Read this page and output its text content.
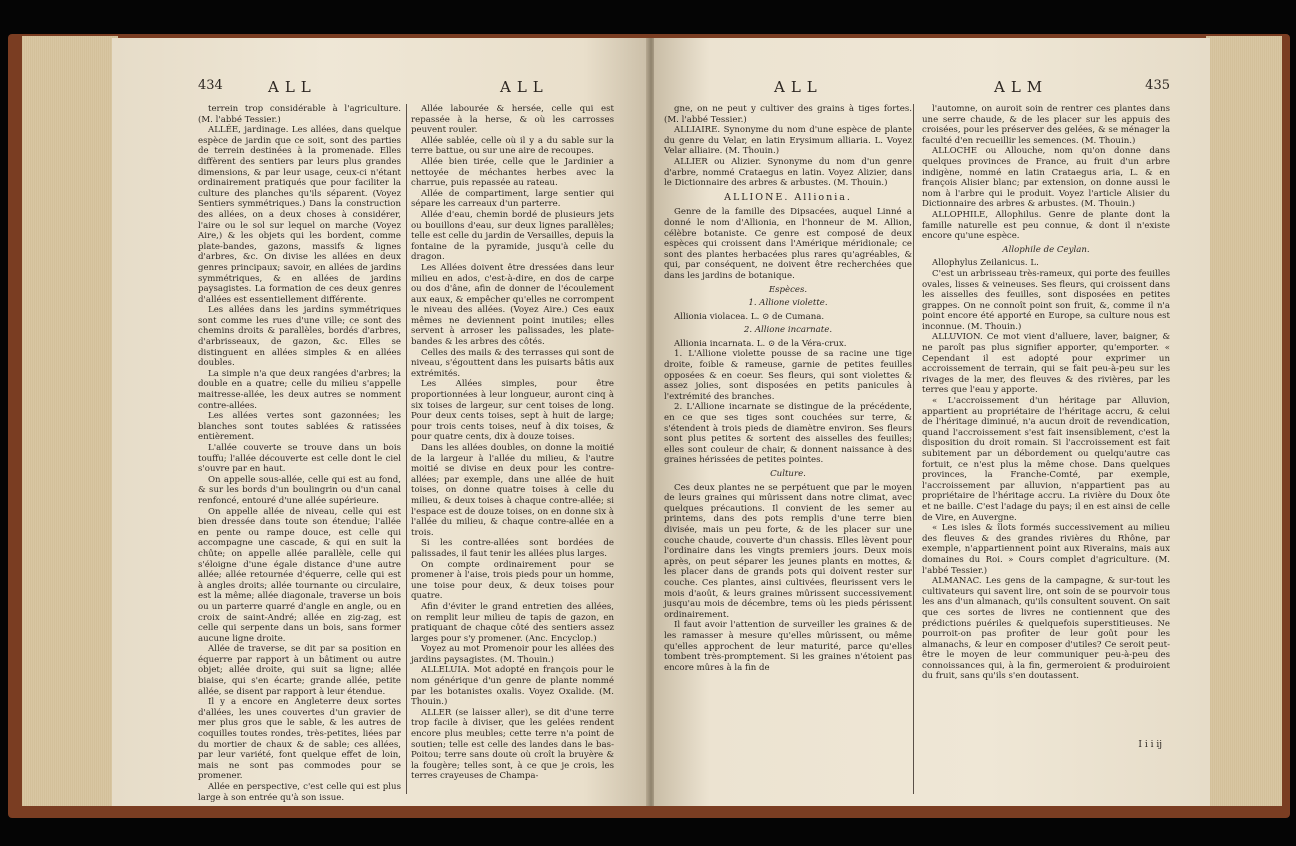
434	ALL	ALL

terrein trop considérable à l'agriculture. (M. l'abbé Tessier.)

ALLÉE, jardinage. Les allées, dans quelque espèce de jardin que ce soit, sont des parties de terrein destinées à la promenade. Elles diffèrent des sentiers par leurs plus grandes dimensions, & par leur usage, ceux-ci n'étant ordinairement pratiqués que pour faciliter la culture des planches qu'ils séparent. (Voyez Sentiers symmétriques.) Dans la construction des allées, on a deux choses à considérer, l'aire ou le sol sur lequel on marche (Voyez Aire,) & les objets qui les bordent, comme plate-bandes, gazons, massifs & lignes d'arbres, &c. On divise les allées en deux genres principaux; savoir, en allées de jardins symmétriques, & en allées de jardins paysagistes. La formation de ces deux genres d'allées est essentiellement différente.

Les allées dans les jardins symmétriques sont comme les rues d'une ville; ce sont des chemins droits & parallèles, bordés d'arbres, d'arbrisseaux, de gazon, &c. Elles se distinguent en allées simples & en allées doubles.

La simple n'a que deux rangées d'arbres; la double en a quatre; celle du milieu s'appelle maitresse-allée, les deux autres se nomment contre-allées.

Les allées vertes sont gazonnées; les blanches sont toutes sablées & ratissées entièrement.

L'allée couverte se trouve dans un bois touffu; l'allée découverte est celle dont le ciel s'ouvre par en haut.

On appelle sous-allée, celle qui est au fond, & sur les bords d'un boulingrin ou d'un canal renfoncé, entouré d'une allée supérieure.

On appelle allée de niveau, celle qui est bien dressée dans toute son étendue; l'allée en pente ou rampe douce, est celle qui accompagne une cascade, & qui en suit la chûte; on appelle allée parallèle, celle qui s'éloigne d'une égale distance d'une autre allée; allée retournée d'équerre, celle qui est à angles droits; allée tournante ou circulaire, est la même; allée diagonale, traverse un bois ou un parterre quarré d'angle en angle, ou en croix de saint-André; allée en zig-zag, est celle qui serpente dans un bois, sans former aucune ligne droite.

Allée de traverse, se dit par sa position en équerre par rapport à un bâtiment ou autre objet; allée droite, qui suit sa ligne; allée biaise, qui s'en écarte; grande allée, petite allée, se disent par rapport à leur étendue.

Il y a encore en Angleterre deux sortes d'allées, les unes couvertes d'un gravier de mer plus gros que le sable, & les autres de coquilles toutes rondes, très-petites, liées par du mortier de chaux & de sable; ces allées, par leur variété, font quelque effet de loin, mais ne sont pas commodes pour se promener.

Allée en perspective, c'est celle qui est plus large à son entrée qu'à son issue.

Allée labourée & hersée, celle qui est repassée à la herse, & où les carrosses peuvent rouler.

Allée sablée, celle où il y a du sable sur la terre battue, ou sur une aire de recoupes.

Allée bien tirée, celle que le Jardinier a nettoyée de méchantes herbes avec la charrue, puis repassée au rateau.

Allée de compartiment, large sentier qui sépare les carreaux d'un parterre.

Allée d'eau, chemin bordé de plusieurs jets ou bouillons d'eau, sur deux lignes parallèles; telle est celle du jardin de Versailles, depuis la fontaine de la pyramide, jusqu'à celle du dragon.

Les Allées doivent être dressées dans leur milieu en ados, c'est-à-dire, en dos de carpe ou dos d'âne, afin de donner de l'écoulement aux eaux, & empêcher qu'elles ne corrompent le niveau des allées. (Voyez Aire.) Ces eaux mêmes ne deviennent point inutiles; elles servent à arroser les palissades, les plate-bandes & les arbres des côtés.

Celles des mails & des terrasses qui sont de niveau, s'égouttent dans les puisarts bâtis aux extrémités.

Les Allées simples, pour être proportionnées à leur longueur, auront cinq à six toises de largeur, sur cent toises de long. Pour deux cents toises, sept à huit de large; pour trois cents toises, neuf à dix toises, & pour quatre cents, dix à douze toises.

Dans les allées doubles, on donne la moitié de la largeur à l'allée du milieu, & l'autre moitié se divise en deux pour les contre-allées; par exemple, dans une allée de huit toises, on donne quatre toises à celle du milieu, & deux toises à chaque contre-allée; si l'espace est de douze toises, on en donne six à l'allée du milieu, & chaque contre-allée en a trois.

Si les contre-allées sont bordées de palissades, il faut tenir les allées plus larges.

On compte ordinairement pour se promener à l'aise, trois pieds pour un homme, une toise pour deux, & deux toises pour quatre.

Afin d'éviter le grand entretien des allées, on remplit leur milieu de tapis de gazon, en pratiquant de chaque côté des sentiers assez larges pour s'y promener. (Anc. Encyclop.)

Voyez au mot Promenoir pour les allées des jardins paysagistes. (M. Thouin.)

ALLELUIA. Mot adopté en françois pour le nom générique d'un genre de plante nommé par les botanistes oxalis. Voyez Oxalide. (M. Thouin.)

ALLER (se laisser aller), se dit d'une terre trop facile à diviser, que les gelées rendent encore plus meubles; cette terre n'a point de soutien; telle est celle des landes dans le bas-Poitou; terre sans doute où croît la bruyère & la fougère; telles sont, à ce que je crois, les terres crayeuses de Champa-

ALL	ALM	435

gne, on ne peut y cultiver des grains à tiges fortes. (M. l'abbé Tessier.)

ALLIAIRE. Synonyme du nom d'une espèce de plante du genre du Velar, en latin Erysimum alliaria. L. Voyez Velar alliaire. (M. Thouin.)

ALLIER ou Alizier. Synonyme du nom d'un genre d'arbre, nommé Crataegus en latin. Voyez Alizier, dans le Dictionnaire des arbres & arbustes. (M. Thouin.)

ALLIONE. Allionia.

Genre de la famille des Dipsacées, auquel Linné a donné le nom d'Allionia, en l'honneur de M. Allion, célèbre botaniste. Ce genre est composé de deux espèces qui croissent dans l'Amérique méridionale; ce sont des plantes herbacées plus rares qu'agréables, & qui, par conséquent, ne doivent être recherchées que dans les jardins de botanique.

Espèces.

1. Allione violette.

Allionia violacea. L. ⊙ de Cumana.

2. Allione incarnate.

Allionia incarnata. L. ⊙ de la Véra-crux.

1. L'Allione violette pousse de sa racine une tige droite, foible & rameuse, garnie de petites feuilles opposées & en coeur. Ses fleurs, qui sont violettes & assez jolies, sont disposées en petits panicules à l'extrémité des branches.

2. L'Allione incarnate se distingue de la précédente, en ce que ses tiges sont couchées sur terre, & s'étendent à trois pieds de diamètre environ. Ses fleurs sont plus petites & sortent des aisselles des feuilles; elles sont couleur de chair, & donnent naissance à des graines hérissées de petites pointes.

Culture.

Ces deux plantes ne se perpétuent que par le moyen de leurs graines qui mûrissent dans notre climat, avec quelques précautions. Il convient de les semer au printems, dans des pots remplis d'une terre bien divisée, mais un peu forte, & de les placer sur une couche chaude, couverte d'un chassis. Elles lèvent pour l'ordinaire dans les vingts premiers jours. Deux mois après, on peut séparer les jeunes plants en mottes, & les placer dans de grands pots qui doivent rester sur couche. Ces plantes, ainsi cultivées, fleurissent vers le mois d'août, & leurs graines mûrissent successivement jusqu'au mois de décembre, tems où les pieds périssent ordinairement.

Il faut avoir l'attention de surveiller les graines & de les ramasser à mesure qu'elles mûrissent, ou même qu'elles approchent de leur maturité, parce qu'elles tombent très-promptement. Si les graines n'étoient pas encore mûres à la fin de

l'automne, on auroit soin de rentrer ces plantes dans une serre chaude, & de les placer sur les appuis des croisées, pour les préserver des gelées, & se ménager la faculté d'en recueillir les semences. (M. Thouin.)

ALLOCHE ou Allouche, nom qu'on donne dans quelques provinces de France, au fruit d'un arbre indigène, nommé en latin Crataegus aria, L. & en françois Alisier blanc; par extension, on donne aussi le nom à l'arbre qui le produit. Voyez l'article Alisier du Dictionnaire des arbres & arbustes. (M. Thouin.)

ALLOPHILE, Allophilus. Genre de plante dont la famille naturelle est peu connue, & dont il n'existe encore qu'une espèce.

Allophile de Ceylan.

Allophylus Zeilanicus. L.

C'est un arbrisseau très-rameux, qui porte des feuilles ovales, lisses & veineuses. Ses fleurs, qui croissent dans les aisselles des feuilles, sont disposées en petites grappes. On ne connoît point son fruit, &, comme il n'a point encore été apporté en Europe, sa culture nous est inconnue. (M. Thouin.)

ALLUVION. Ce mot vient d'alluere, laver, baigner, & ne paroît pas plus signifier apporter, qu'emporter. « Cependant il est adopté pour exprimer un accroissement de terrain, qui se fait peu-à-peu sur les rivages de la mer, des fleuves & des rivières, par les terres que l'eau y apporte.

« L'accroissement d'un héritage par Alluvion, appartient au propriétaire de l'héritage accru, & celui de l'héritage diminué, n'a aucun droit de revendication, quand l'accroissement s'est fait insensiblement, c'est la disposition du droit romain. Si l'accroissement est fait subitement par un débordement ou quelqu'autre cas fortuit, ce n'est plus la même chose. Dans quelques provinces, la Franche-Comté, par exemple, l'accroissement par alluvion, n'appartient pas au propriétaire de l'héritage accru. La rivière du Doux ôte et ne baille. C'est l'adage du pays; il en est ainsi de celle de Vire, en Auvergne.

« Les isles & îlots formés successivement au milieu des fleuves & des grandes rivières du Rhône, par exemple, n'appartiennent point aux Riverains, mais aux domaines du Roi. » Cours complet d'agriculture. (M. l'abbé Tessier.)

ALMANAC. Les gens de la campagne, & sur-tout les cultivateurs qui savent lire, ont soin de se pourvoir tous les ans d'un almanach, qu'ils consultent souvent. On sait que ces sortes de livres ne contiennent que des prédictions puériles & quelquefois superstitieuses. Ne pourroit-on pas profiter de leur goût pour les almanachs, & leur en composer d'utiles? Ce seroit peut-être le moyen de leur communiquer peu-à-peu des connoissances qui, à la fin, germeroient & produiroient du fruit, sans qu'ils s'en doutassent.

I i i ij
